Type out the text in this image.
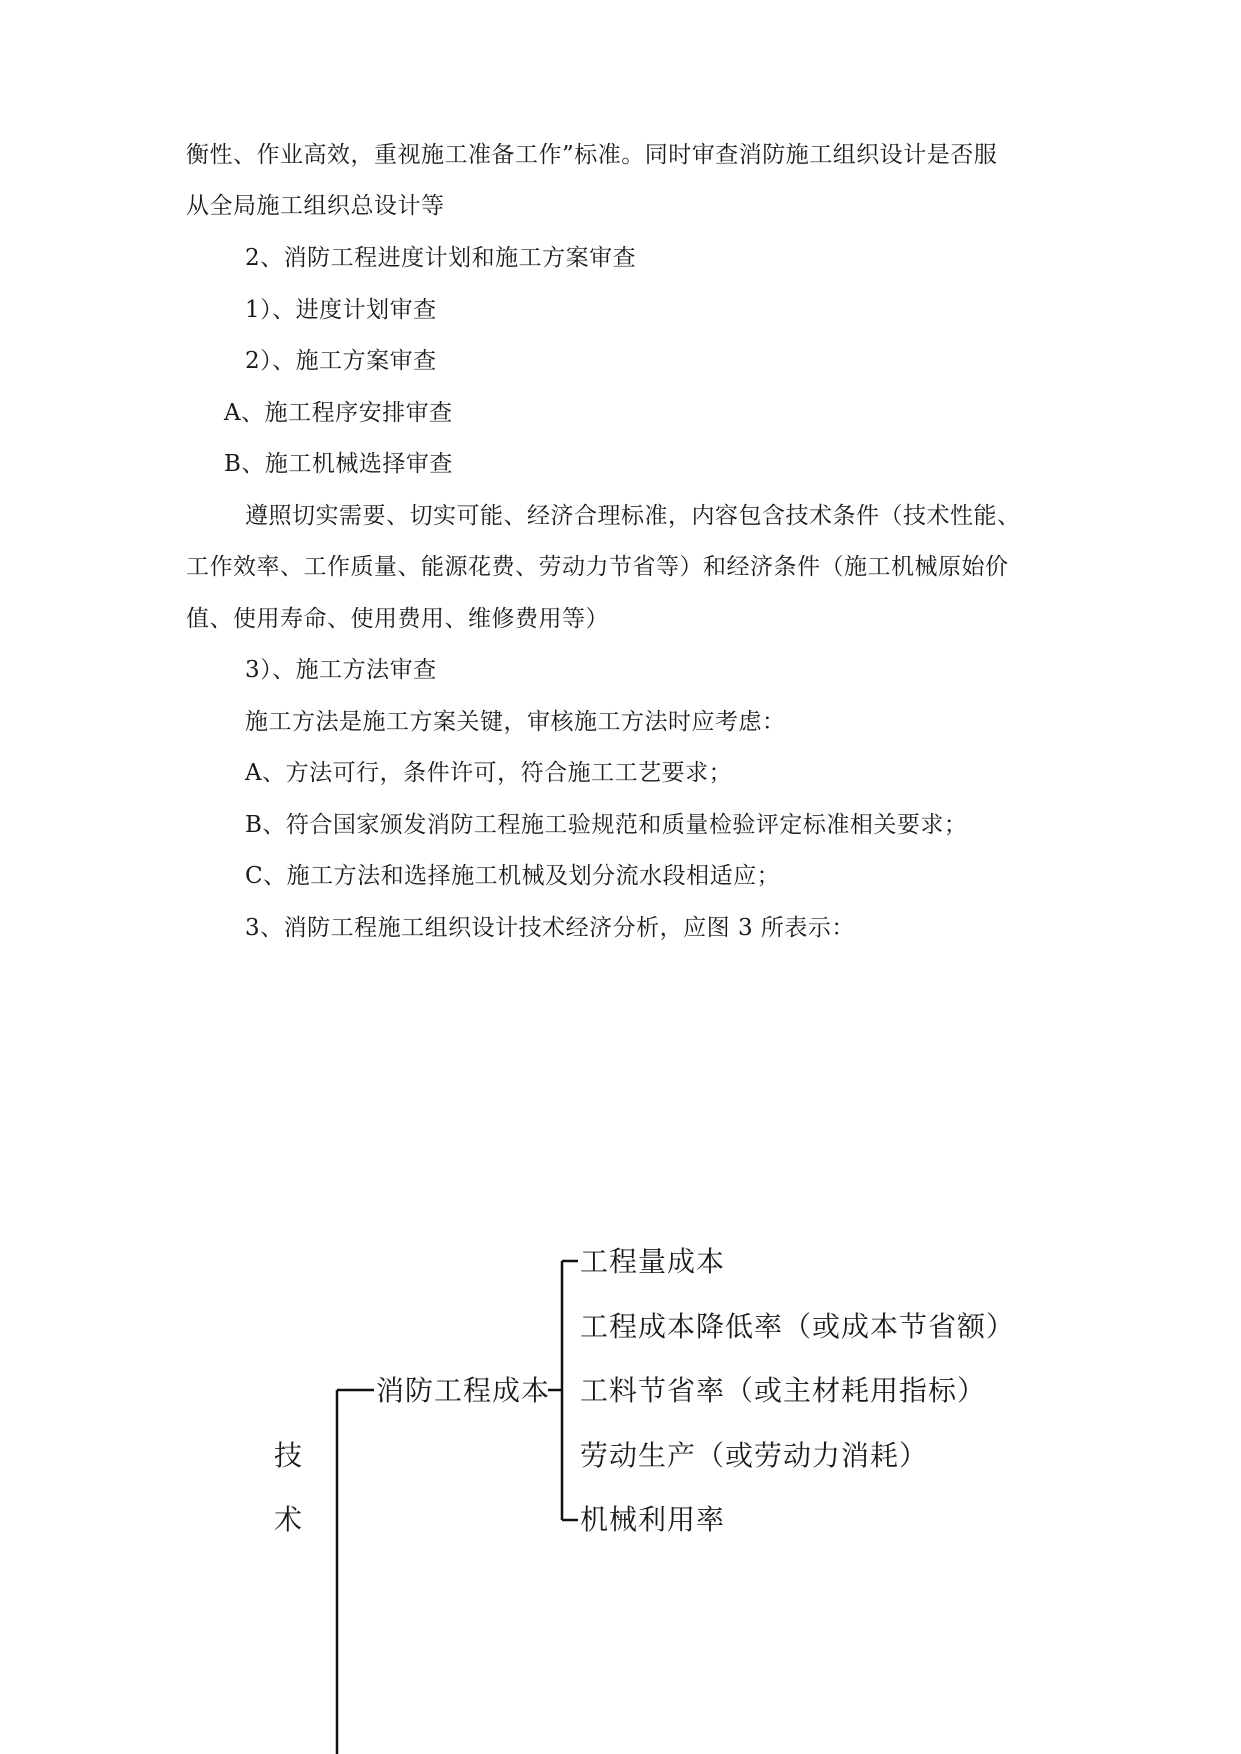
衡性、作业高效，重视施工准备工作”标准。同时审查消防施工组织设计是否服
从全局施工组织总设计等
2、消防工程进度计划和施工方案审查
1）、进度计划审查
2）、施工方案审查
A、施工程序安排审查
B、施工机械选择审查
遵照切实需要、切实可能、经济合理标准，内容包含技术条件（技术性能、
工作效率、工作质量、能源花费、劳动力节省等）和经济条件（施工机械原始价
值、使用寿命、使用费用、维修费用等）
3）、施工方法审查
施工方法是施工方案关键，审核施工方法时应考虑：
A、方法可行，条件许可，符合施工工艺要求；
B、符合国家颁发消防工程施工验规范和质量检验评定标准相关要求；
C、施工方法和选择施工机械及划分流水段相适应；
3、消防工程施工组织设计技术经济分析，应图 3 所表示：
技
术
消防工程成本
工程量成本
工程成本降低率（或成本节省额）
工料节省率（或主材耗用指标）
劳动生产（或劳动力消耗）
机械利用率
